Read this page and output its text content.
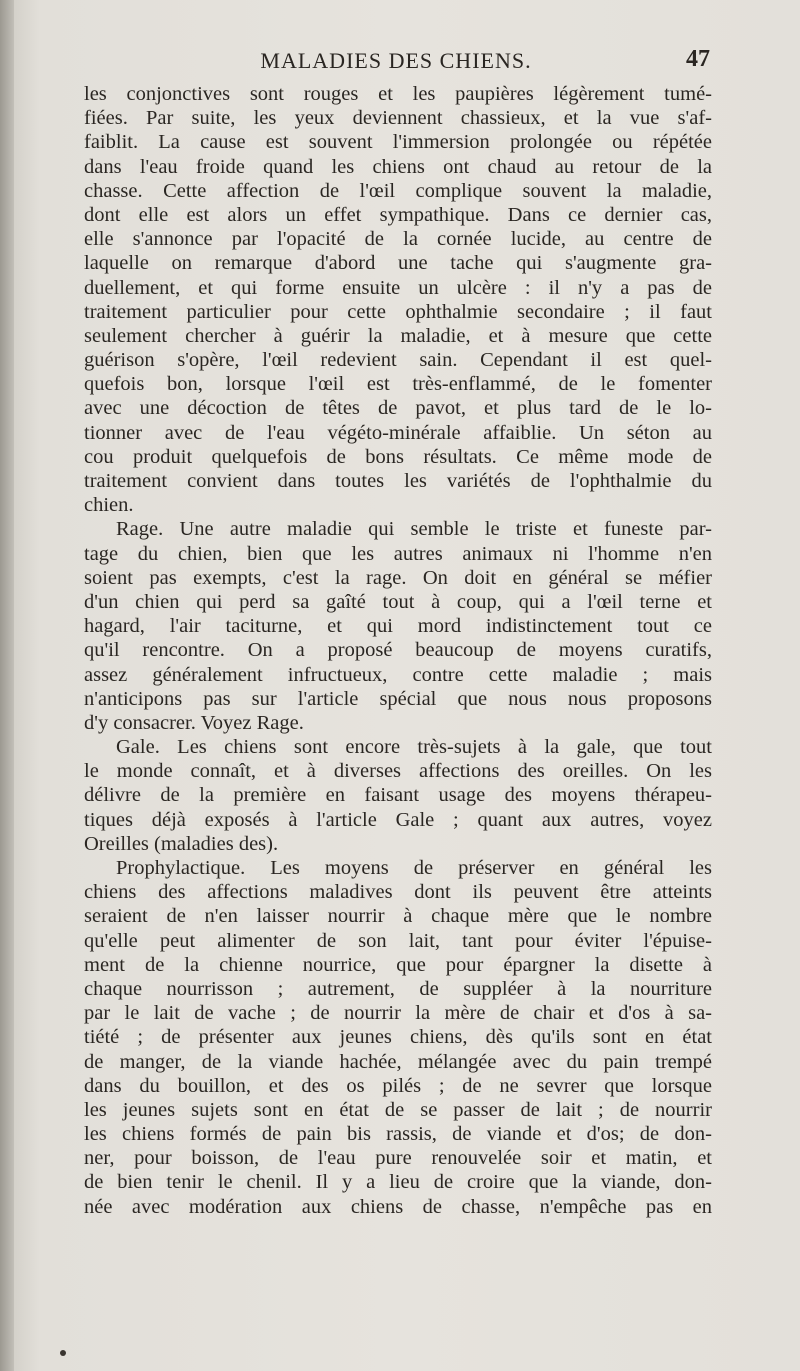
MALADIES DES CHIENS.	47
les conjonctives sont rouges et les paupières légèrement tumé-
fiées. Par suite, les yeux deviennent chassieux, et la vue s'af-
faiblit. La cause est souvent l'immersion prolongée ou répétée
dans l'eau froide quand les chiens ont chaud au retour de la
chasse. Cette affection de l'œil complique souvent la maladie,
dont elle est alors un effet sympathique. Dans ce dernier cas,
elle s'annonce par l'opacité de la cornée lucide, au centre de
laquelle on remarque d'abord une tache qui s'augmente gra-
duellement, et qui forme ensuite un ulcère : il n'y a pas de
traitement particulier pour cette ophthalmie secondaire ; il faut
seulement chercher à guérir la maladie, et à mesure que cette
guérison s'opère, l'œil redevient sain. Cependant il est quel-
quefois bon, lorsque l'œil est très-enflammé, de le fomenter
avec une décoction de têtes de pavot, et plus tard de le lo-
tionner avec de l'eau végéto-minérale affaiblie. Un séton au
cou produit quelquefois de bons résultats. Ce même mode de
traitement convient dans toutes les variétés de l'ophthalmie du
chien.
Rage. Une autre maladie qui semble le triste et funeste par-
tage du chien, bien que les autres animaux ni l'homme n'en
soient pas exempts, c'est la rage. On doit en général se méfier
d'un chien qui perd sa gaîté tout à coup, qui a l'œil terne et
hagard, l'air taciturne, et qui mord indistinctement tout ce
qu'il rencontre. On a proposé beaucoup de moyens curatifs,
assez généralement infructueux, contre cette maladie ; mais
n'anticipons pas sur l'article spécial que nous nous proposons
d'y consacrer. Voyez Rage.
Gale. Les chiens sont encore très-sujets à la gale, que tout
le monde connaît, et à diverses affections des oreilles. On les
délivre de la première en faisant usage des moyens thérapeu-
tiques déjà exposés à l'article Gale ; quant aux autres, voyez
Oreilles (maladies des).
Prophylactique. Les moyens de préserver en général les
chiens des affections maladives dont ils peuvent être atteints
seraient de n'en laisser nourrir à chaque mère que le nombre
qu'elle peut alimenter de son lait, tant pour éviter l'épuise-
ment de la chienne nourrice, que pour épargner la disette à
chaque nourrisson ; autrement, de suppléer à la nourriture
par le lait de vache ; de nourrir la mère de chair et d'os à sa-
tiété ; de présenter aux jeunes chiens, dès qu'ils sont en état
de manger, de la viande hachée, mélangée avec du pain trempé
dans du bouillon, et des os pilés ; de ne sevrer que lorsque
les jeunes sujets sont en état de se passer de lait ; de nourrir
les chiens formés de pain bis rassis, de viande et d'os; de don-
ner, pour boisson, de l'eau pure renouvelée soir et matin, et
de bien tenir le chenil. Il y a lieu de croire que la viande, don-
née avec modération aux chiens de chasse, n'empêche pas en
